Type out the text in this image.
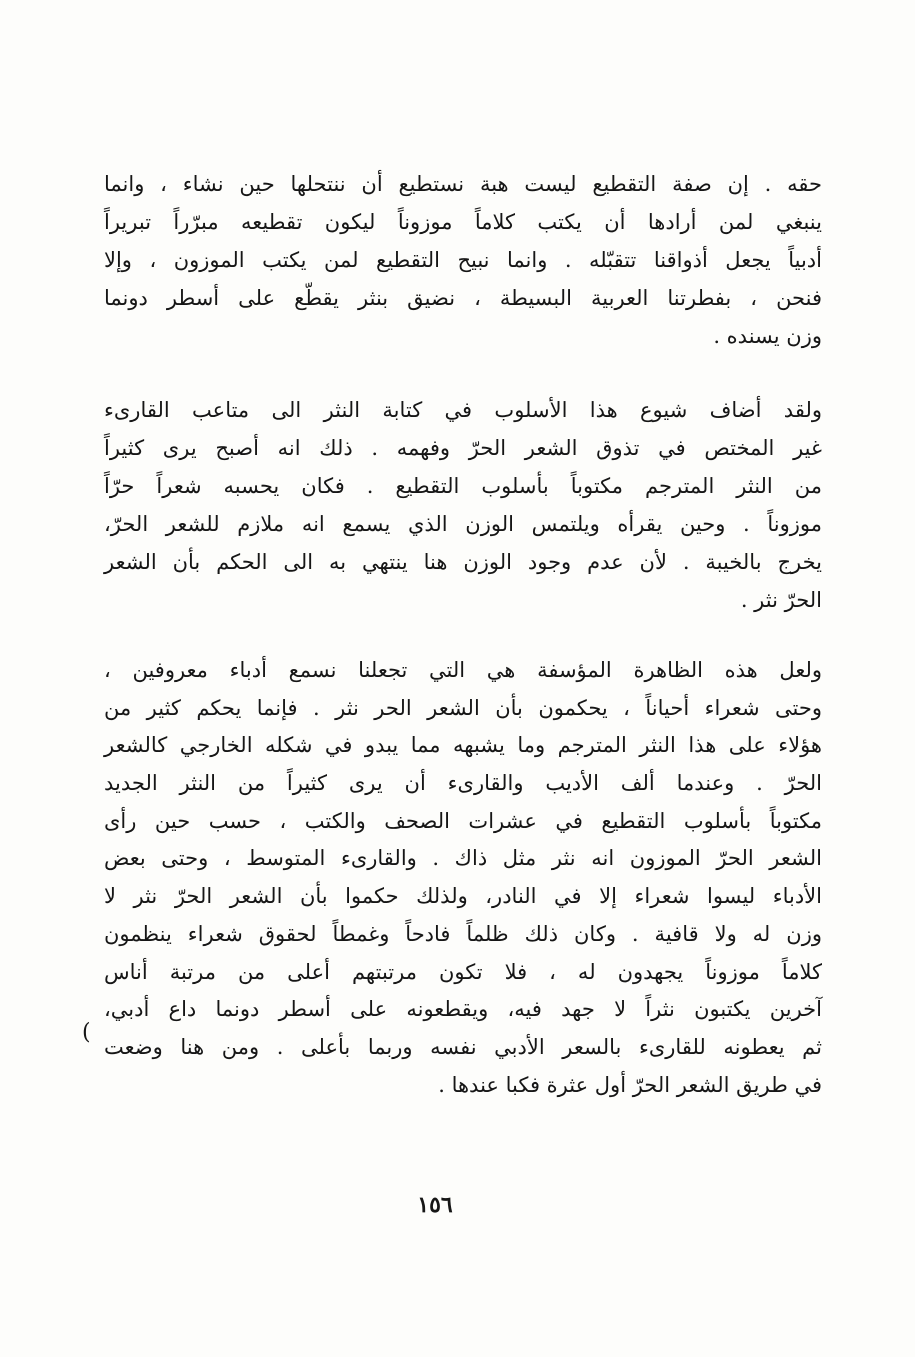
حقه . إن صفة التقطيع ليست هبة نستطيع أن ننتحلها حين نشاء ، وانما
ينبغي لمن أرادها أن يكتب كلاماً موزوناً ليكون تقطيعه مبرّراً تبريراً
أدبياً يجعل أذواقنا تتقبّله . وانما نبيح التقطيع لمن يكتب الموزون ، وإلا
فنحن ، بفطرتنا العربية البسيطة ، نضيق بنثر يقطّع على أسطر دونما
وزن يسنده .
ولقد أضاف شيوع هذا الأسلوب في كتابة النثر الى متاعب القارىء
غير المختص في تذوق الشعر الحرّ وفهمه . ذلك انه أصبح يرى كثيراً
من النثر المترجم مكتوباً بأسلوب التقطيع . فكان يحسبه شعراً حرّاً
موزوناً . وحين يقرأه ويلتمس الوزن الذي يسمع انه ملازم للشعر الحرّ،
يخرج بالخيبة . لأن عدم وجود الوزن هنا ينتهي به الى الحكم بأن الشعر
الحرّ نثر .
ولعل هذه الظاهرة المؤسفة هي التي تجعلنا نسمع أدباء معروفين ،
وحتى شعراء أحياناً ، يحكمون بأن الشعر الحر نثر . فإنما يحكم كثير من
هؤلاء على هذا النثر المترجم وما يشبهه مما يبدو في شكله الخارجي كالشعر
الحرّ . وعندما ألف الأديب والقارىء أن يرى كثيراً من النثر الجديد
مكتوباً بأسلوب التقطيع في عشرات الصحف والكتب ، حسب حين رأى
الشعر الحرّ الموزون انه نثر مثل ذاك . والقارىء المتوسط ، وحتى بعض
الأدباء ليسوا شعراء إلا في النادر، ولذلك حكموا بأن الشعر الحرّ نثر لا
وزن له ولا قافية . وكان ذلك ظلماً فادحاً وغمطاً لحقوق شعراء ينظمون
كلاماً موزوناً يجهدون له ، فلا تكون مرتبتهم أعلى من مرتبة أناس
آخرين يكتبون نثراً لا جهد فيه، ويقطعونه على أسطر دونما داع أدبي،
ثم يعطونه للقارىء بالسعر الأدبي نفسه وربما بأعلى . ومن هنا وضعت
في طريق الشعر الحرّ أول عثرة فكبا عندها .
(
١٥٦
